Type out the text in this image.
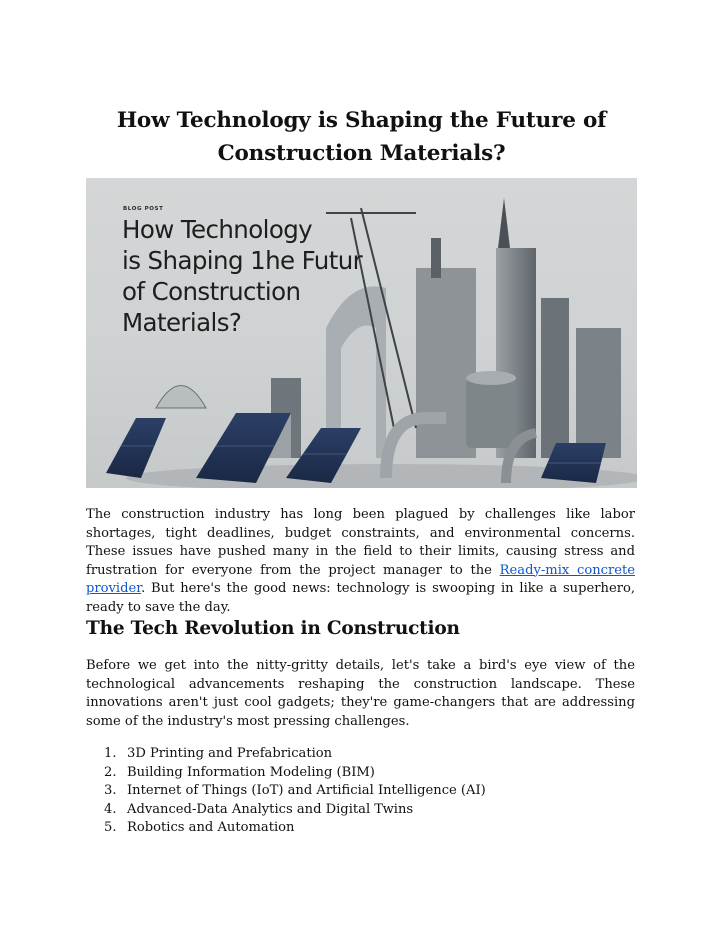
How Technology is Shaping the Future of Construction Materials?
BLOG POST
How Technology
is Shaping 1he Futur
of Construction
Materials?

The construction industry has long been plagued by challenges like labor shortages, tight deadlines, budget constraints, and environmental concerns. These issues have pushed many in the field to their limits, causing stress and frustration for everyone from the project manager to the Ready-mix concrete provider. But here's the good news: technology is swooping in like a superhero, ready to save the day.

The Tech Revolution in Construction

Before we get into the nitty-gritty details, let's take a bird's eye view of the technological advancements reshaping the construction landscape. These innovations aren't just cool gadgets; they're game-changers that are addressing some of the industry's most pressing challenges.

1. 3D Printing and Prefabrication
2. Building Information Modeling (BIM)
3. Internet of Things (IoT) and Artificial Intelligence (AI)
4. Advanced-Data Analytics and Digital Twins
5. Robotics and Automation
